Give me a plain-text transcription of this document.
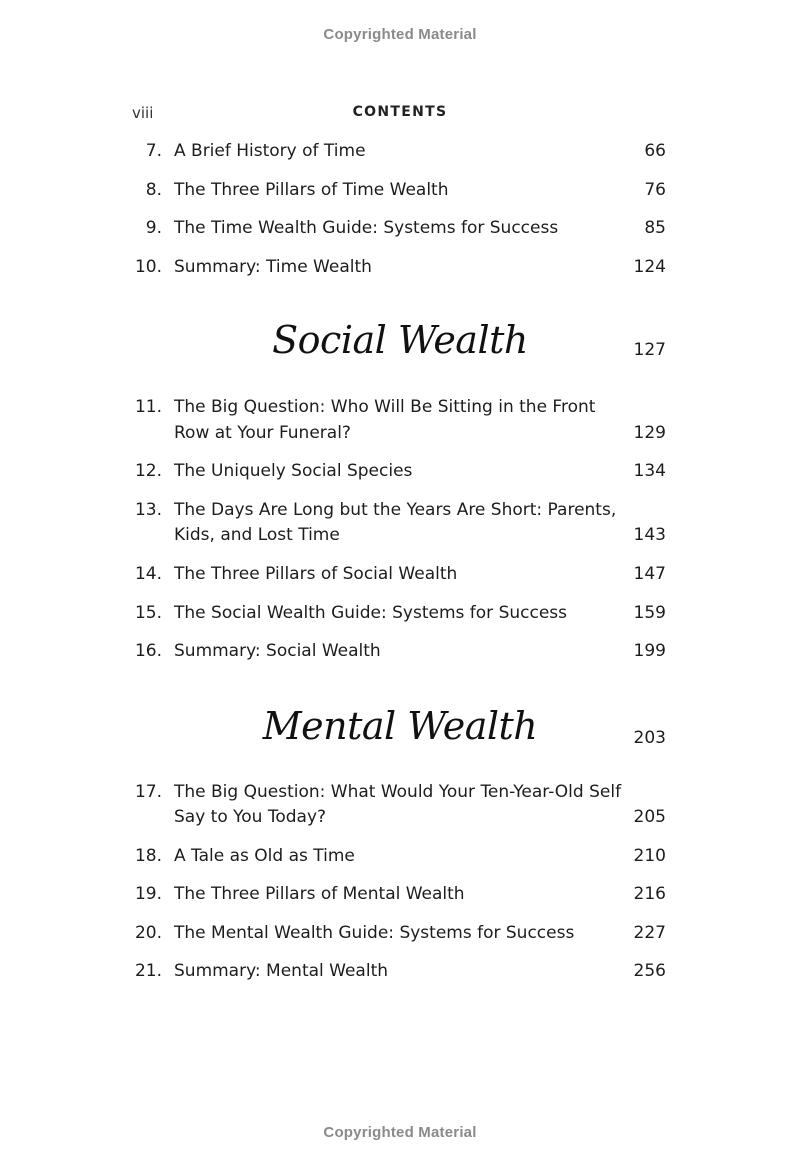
Copyrighted Material
viii	CONTENTS
7. A Brief History of Time	66
8. The Three Pillars of Time Wealth	76
9. The Time Wealth Guide: Systems for Success	85
10. Summary: Time Wealth	124
Social Wealth	127
11. The Big Question: Who Will Be Sitting in the Front
Row at Your Funeral?	129
12. The Uniquely Social Species	134
13. The Days Are Long but the Years Are Short: Parents,
Kids, and Lost Time	143
14. The Three Pillars of Social Wealth	147
15. The Social Wealth Guide: Systems for Success	159
16. Summary: Social Wealth	199
Mental Wealth	203
17. The Big Question: What Would Your Ten-Year-Old Self
Say to You Today?	205
18. A Tale as Old as Time	210
19. The Three Pillars of Mental Wealth	216
20. The Mental Wealth Guide: Systems for Success	227
21. Summary: Mental Wealth	256
Copyrighted Material
